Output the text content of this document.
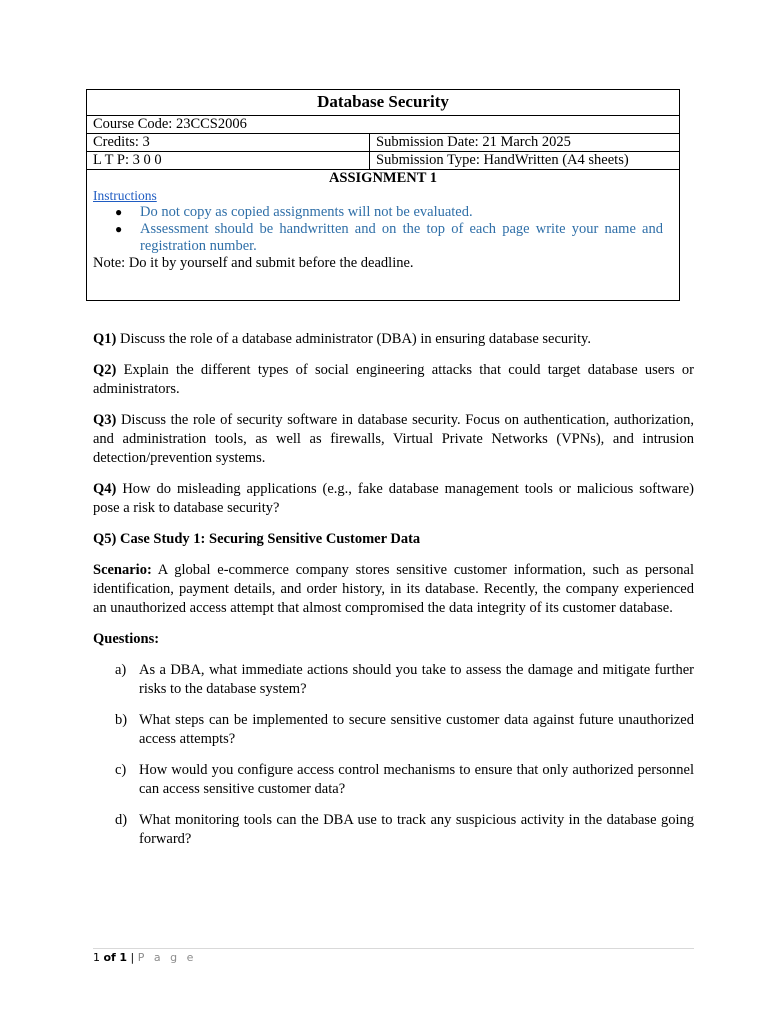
Database Security
Course Code: 23CCS2006
Credits: 3	Submission Date: 21 March 2025
L T P: 3 0 0	Submission Type: HandWritten (A4 sheets)
ASSIGNMENT 1
Instructions
● Do not copy as copied assignments will not be evaluated.
● Assessment should be handwritten and on the top of each page write your name and registration number.
Note: Do it by yourself and submit before the deadline.

Q1) Discuss the role of a database administrator (DBA) in ensuring database security.

Q2) Explain the different types of social engineering attacks that could target database users or administrators.

Q3) Discuss the role of security software in database security. Focus on authentication, authorization, and administration tools, as well as firewalls, Virtual Private Networks (VPNs), and intrusion detection/prevention systems.

Q4) How do misleading applications (e.g., fake database management tools or malicious software) pose a risk to database security?

Q5) Case Study 1: Securing Sensitive Customer Data

Scenario: A global e-commerce company stores sensitive customer information, such as personal identification, payment details, and order history, in its database. Recently, the company experienced an unauthorized access attempt that almost compromised the data integrity of its customer database.

Questions:

a) As a DBA, what immediate actions should you take to assess the damage and mitigate further risks to the database system?
b) What steps can be implemented to secure sensitive customer data against future unauthorized access attempts?
c) How would you configure access control mechanisms to ensure that only authorized personnel can access sensitive customer data?
d) What monitoring tools can the DBA use to track any suspicious activity in the database going forward?
1 of 1 | P a g e
